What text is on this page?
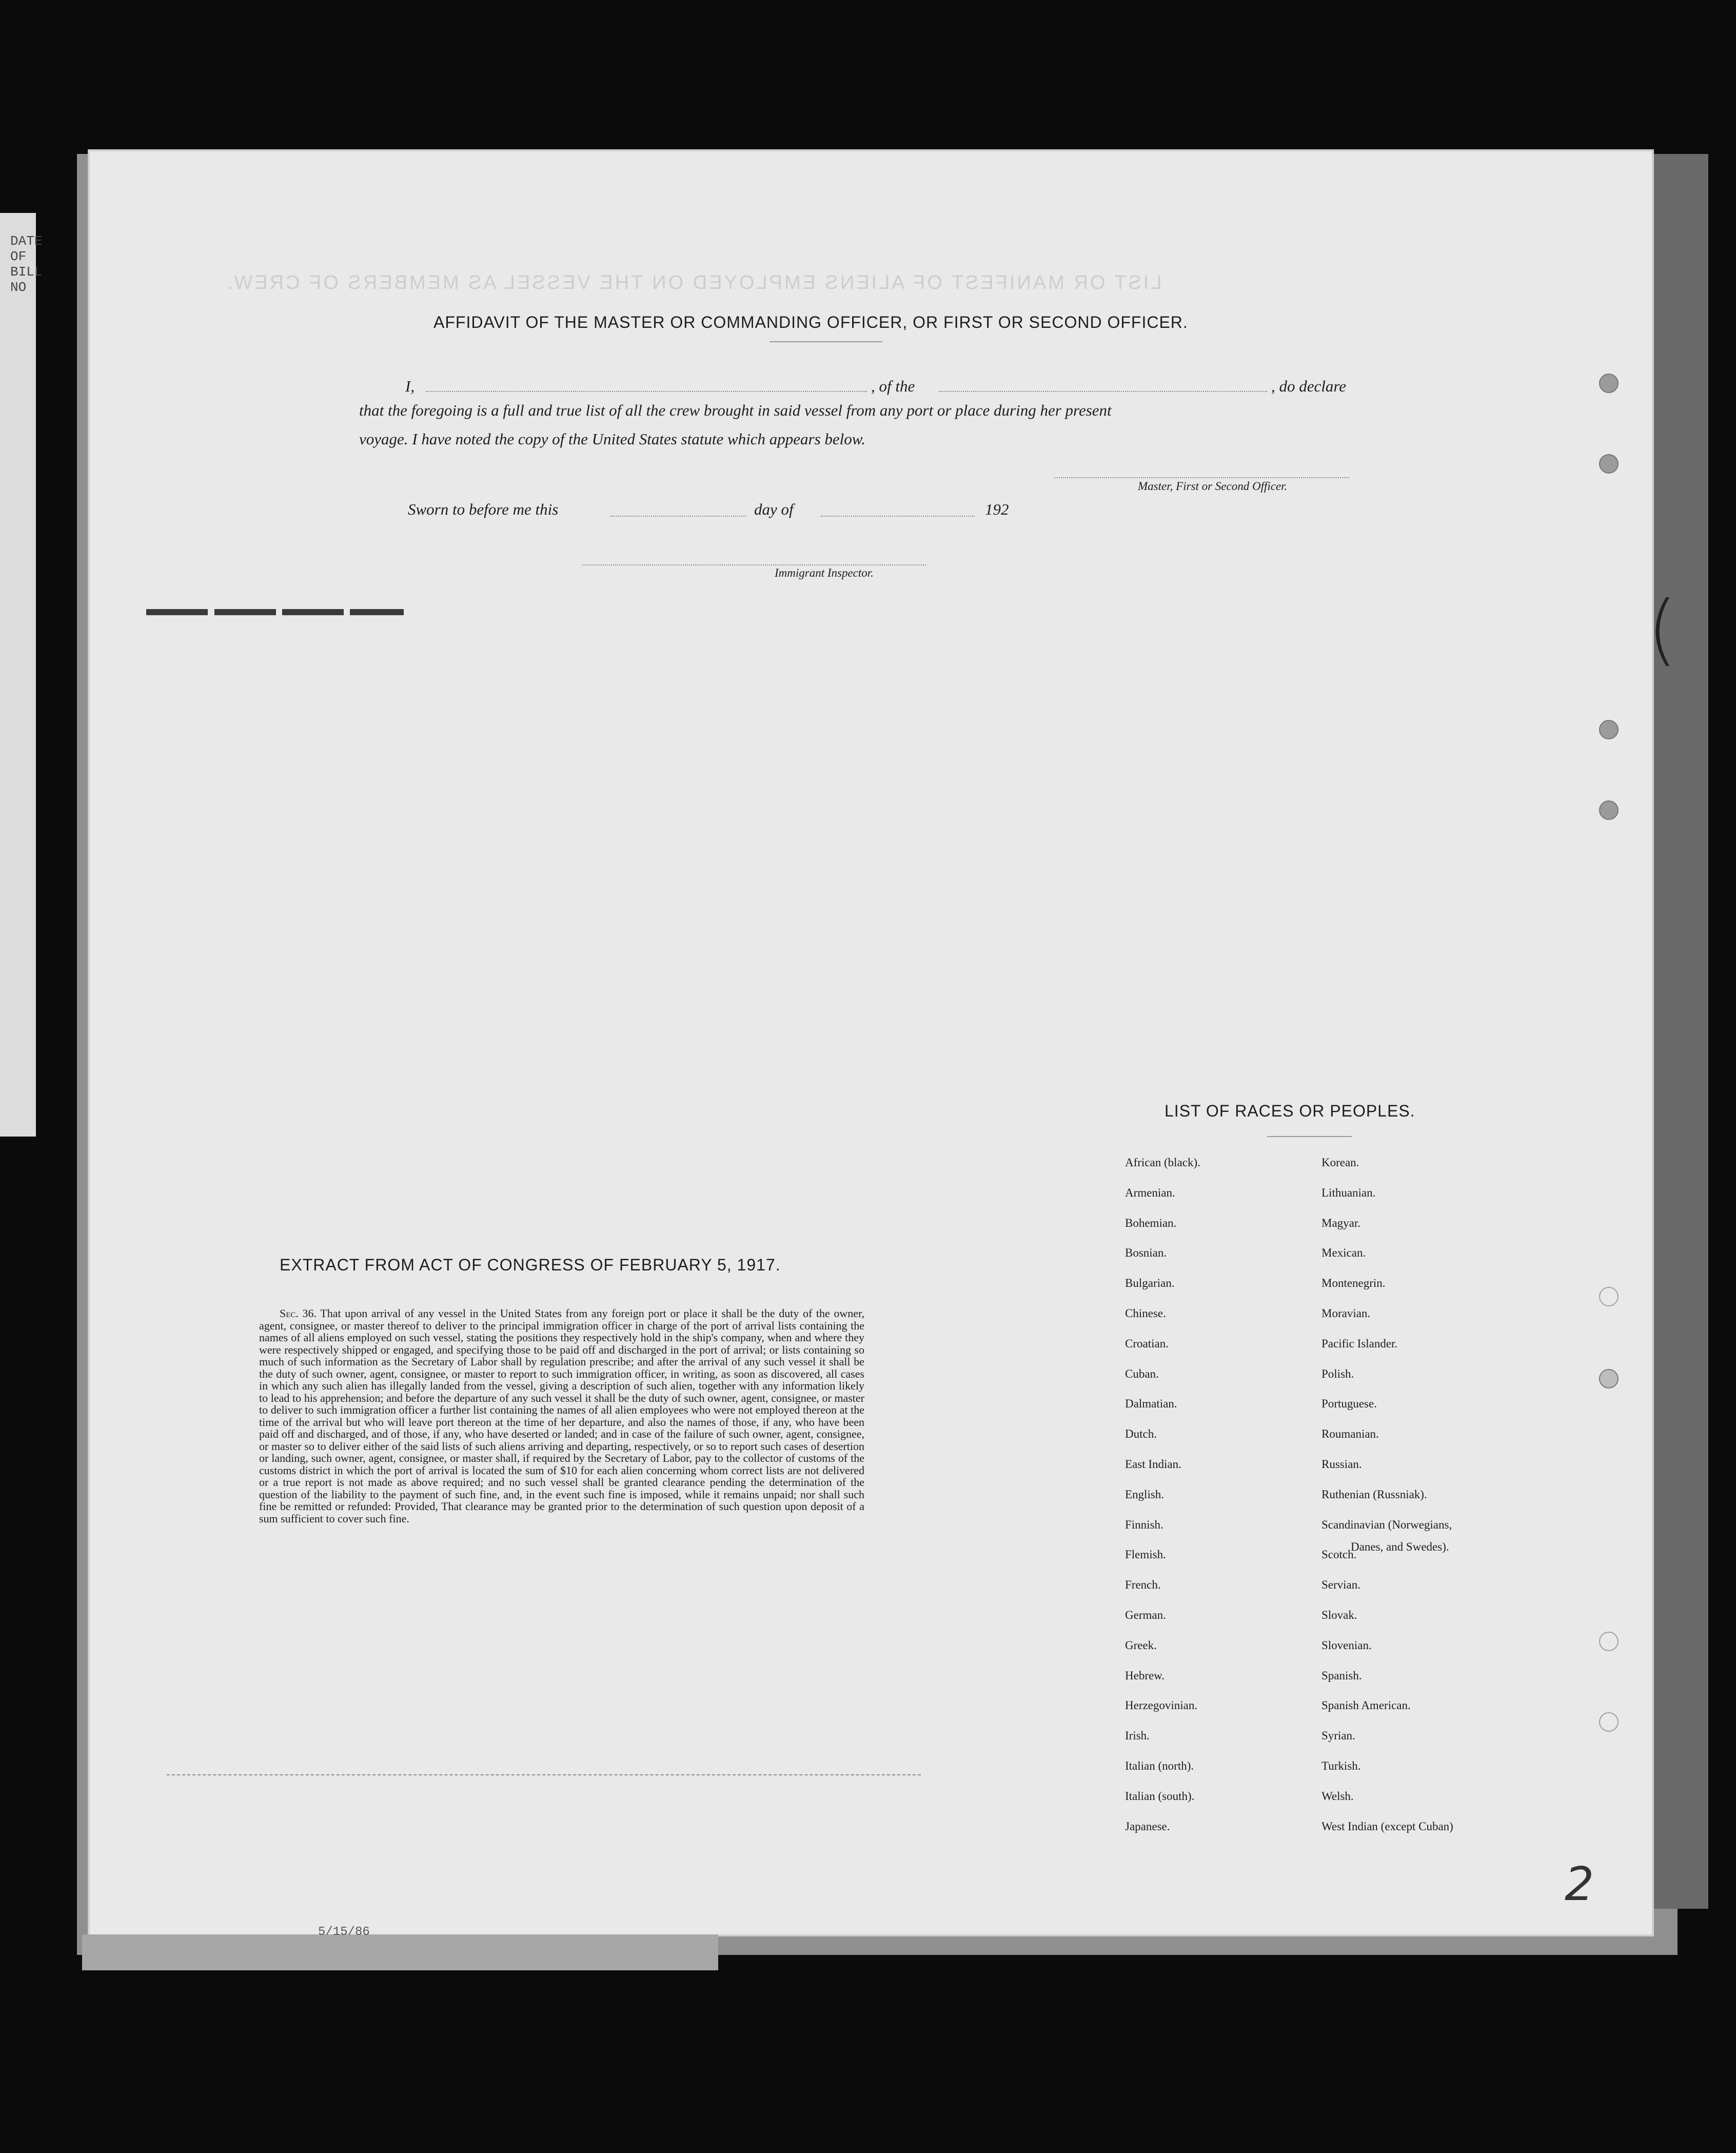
DATE OF
BILL NO	LIST OR MANIFEST OF ALIENS EMPLOYED ON THE VESSEL AS MEMBERS OF CREW.
AFFIDAVIT OF THE MASTER OR COMMANDING OFFICER, OR FIRST OR SECOND OFFICER.
I,	, of the	, do declare
that the foregoing is a full and true list of all the crew brought in said vessel from any port or place during her present
voyage. I have noted the copy of the United States statute which appears below.
Master, First or Second Officer.
Sworn to before me this	day of	192
Immigrant Inspector.
EXTRACT FROM ACT OF CONGRESS OF FEBRUARY 5, 1917.
Sec. 36. That upon arrival of any vessel in the United States from any foreign port or place it shall be the duty of the owner, agent, consignee, or master thereof to deliver to the principal immigration officer in charge of the port of arrival lists containing the names of all aliens employed on such vessel, stating the positions they respectively hold in the ship's company, when and where they were respectively shipped or engaged, and specifying those to be paid off and discharged in the port of arrival; or lists containing so much of such information as the Secretary of Labor shall by regulation prescribe; and after the arrival of any such vessel it shall be the duty of such owner, agent, consignee, or master to report to such immigration officer, in writing, as soon as discovered, all cases in which any such alien has illegally landed from the vessel, giving a description of such alien, together with any information likely to lead to his apprehension; and before the departure of any such vessel it shall be the duty of such owner, agent, consignee, or master to deliver to such immigration officer a further list containing the names of all alien employees who were not employed thereon at the time of the arrival but who will leave port thereon at the time of her departure, and also the names of those, if any, who have been paid off and discharged, and of those, if any, who have deserted or landed; and in case of the failure of such owner, agent, consignee, or master so to deliver either of the said lists of such aliens arriving and departing, respectively, or so to report such cases of desertion or landing, such owner, agent, consignee, or master shall, if required by the Secretary of Labor, pay to the collector of customs of the customs district in which the port of arrival is located the sum of $10 for each alien concerning whom correct lists are not delivered or a true report is not made as above required; and no such vessel shall be granted clearance pending the determination of the question of the liability to the payment of such fine, and, in the event such fine is imposed, while it remains unpaid; nor shall such fine be remitted or refunded: Provided, That clearance may be granted prior to the determination of such question upon deposit of a sum sufficient to cover such fine.
LIST OF RACES OR PEOPLES.
African (black).
Armenian.
Bohemian.
Bosnian.
Bulgarian.
Chinese.
Croatian.
Cuban.
Dalmatian.
Dutch.
East Indian.
English.
Finnish.
Flemish.
French.
German.
Greek.
Hebrew.
Herzegovinian.
Irish.
Italian (north).
Italian (south).
Japanese.
Korean.
Lithuanian.
Magyar.
Mexican.
Montenegrin.
Moravian.
Pacific Islander.
Polish.
Portuguese.
Roumanian.
Russian.
Ruthenian (Russniak).
Scandinavian (Norwegians,
Scotch.
Servian.
Slovak.
Slovenian.
Spanish.
Spanish American.
Syrian.
Turkish.
Welsh.
West Indian (except Cuban)
Danes, and Swedes).
)
2
5/15/86
